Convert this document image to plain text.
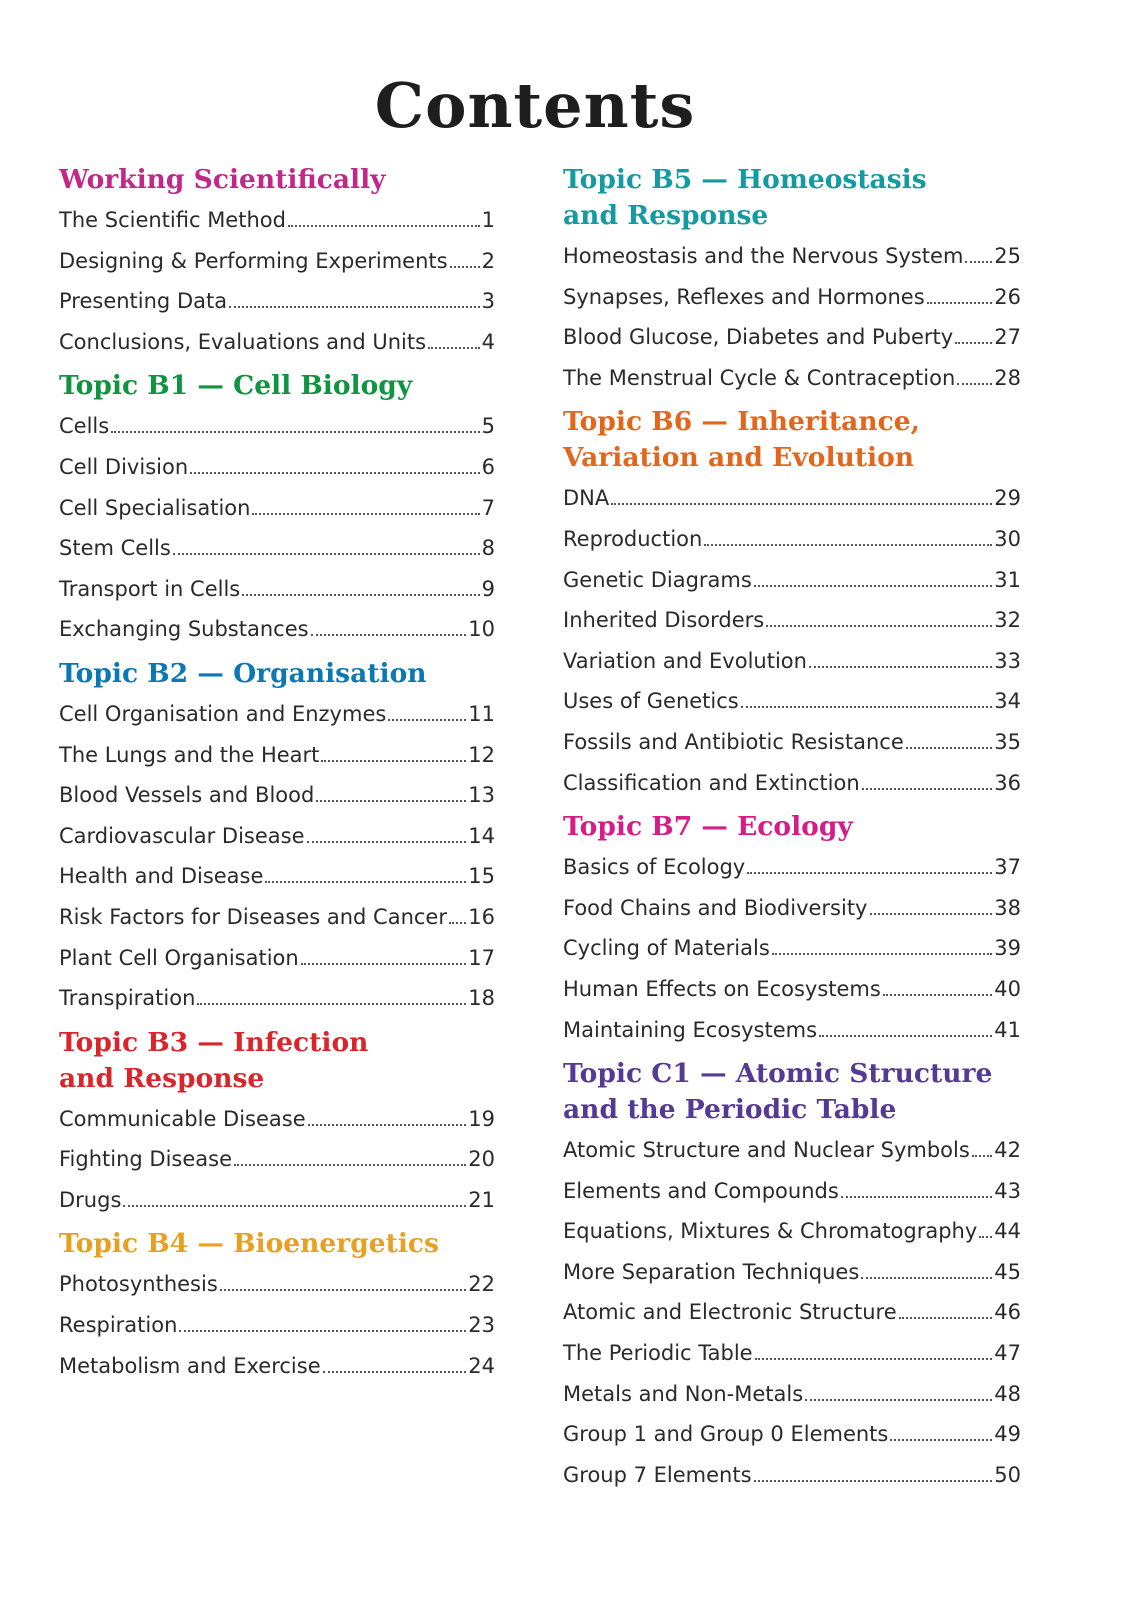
Contents
Working Scientifically
The Scientific Method	1
Designing & Performing Experiments 2
Presenting Data	3
Conclusions, Evaluations and Units	4
Topic B1 — Cell Biology
Cells	5
Cell Division	6
Cell Specialisation	7
Stem Cells	8
Transport in Cells	9
Exchanging Substances	10
Topic B2 — Organisation
Cell Organisation and Enzymes	11
The Lungs and the Heart	12
Blood Vessels and Blood	13
Cardiovascular Disease	14
Health and Disease	15
Risk Factors for Diseases and Cancer 16
Plant Cell Organisation	17
Transpiration	18
Topic B3 — Infection
and Response
Communicable Disease	19
Fighting Disease	20
Drugs	21
Topic B4 — Bioenergetics
Photosynthesis	22
Respiration	23
Metabolism and Exercise	24
Topic B5 — Homeostasis
and Response
Homeostasis and the Nervous System 25
Synapses, Reflexes and Hormones	26
Blood Glucose, Diabetes and Puberty 27
The Menstrual Cycle & Contraception 28
Topic B6 — Inheritance,
Variation and Evolution
DNA	29
Reproduction	30
Genetic Diagrams	31
Inherited Disorders	32
Variation and Evolution	33
Uses of Genetics	34
Fossils and Antibiotic Resistance	35
Classification and Extinction	36
Topic B7 — Ecology
Basics of Ecology	37
Food Chains and Biodiversity	38
Cycling of Materials	39
Human Effects on Ecosystems	40
Maintaining Ecosystems	41
Topic C1 — Atomic Structure
and the Periodic Table
Atomic Structure and Nuclear Symbols 42
Elements and Compounds	43
Equations, Mixtures & Chromatography 44
More Separation Techniques	45
Atomic and Electronic Structure	46
The Periodic Table	47
Metals and Non-Metals	48
Group 1 and Group 0 Elements	49
Group 7 Elements	50
